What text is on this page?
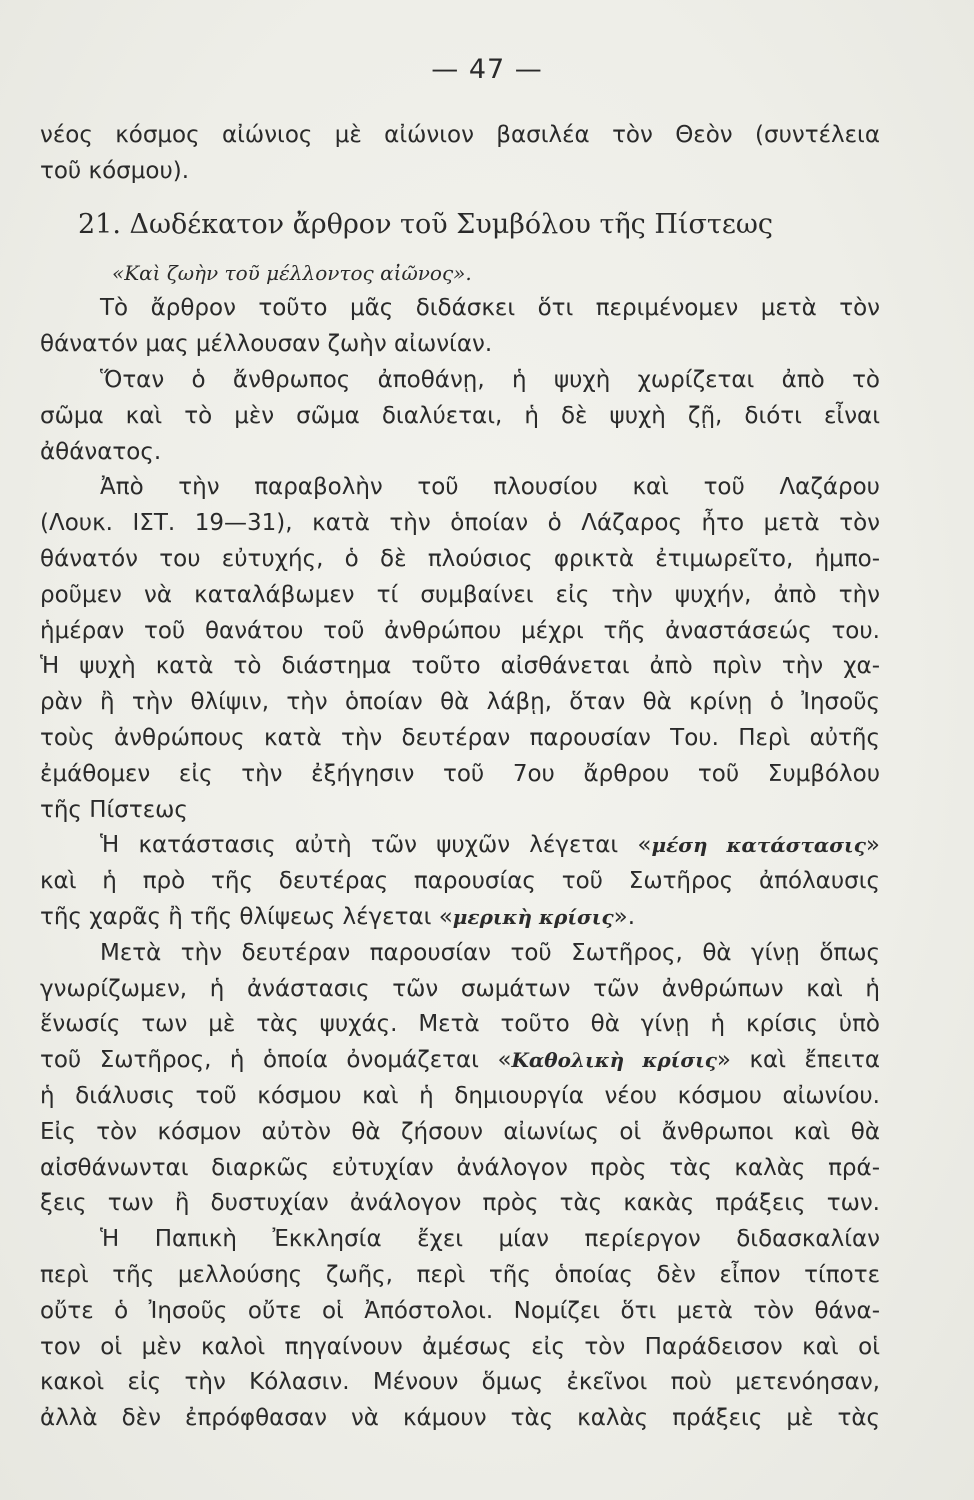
— 47 —
νέος κόσμος αἰώνιος μὲ αἰώνιον βασιλέα τὸν Θεὸν (συντέλεια
τοῦ κόσμου).
21. Δωδέκατον ἄρθρον τοῦ Συμβόλου τῆς Πίστεως
«Καὶ ζωὴν τοῦ μέλλοντος αἰῶνος».
Τὸ ἄρθρον τοῦτο μᾶς διδάσκει ὅτι περιμένομεν μετὰ τὸν
θάνατόν μας μέλλουσαν ζωὴν αἰωνίαν.
Ὅταν ὁ ἄνθρωπος ἀποθάνῃ, ἡ ψυχὴ χωρίζεται ἀπὸ τὸ
σῶμα καὶ τὸ μὲν σῶμα διαλύεται, ἡ δὲ ψυχὴ ζῇ, διότι εἶναι
ἀθάνατος.
Ἀπὸ τὴν παραβολὴν τοῦ πλουσίου καὶ τοῦ Λαζάρου
(Λουκ. ΙΣΤ. 19—31), κατὰ τὴν ὁποίαν ὁ Λάζαρος ἦτο μετὰ τὸν
θάνατόν του εὐτυχής, ὁ δὲ πλούσιος φρικτὰ ἐτιμωρεῖτο, ἠμπο-
ροῦμεν νὰ καταλάβωμεν τί συμβαίνει εἰς τὴν ψυχήν, ἀπὸ τὴν
ἡμέραν τοῦ θανάτου τοῦ ἀνθρώπου μέχρι τῆς ἀναστάσεώς του.
Ἡ ψυχὴ κατὰ τὸ διάστημα τοῦτο αἰσθάνεται ἀπὸ πρὶν τὴν χα-
ρὰν ἢ τὴν θλίψιν, τὴν ὁποίαν θὰ λάβῃ, ὅταν θὰ κρίνῃ ὁ Ἰησοῦς
τοὺς ἀνθρώπους κατὰ τὴν δευτέραν παρουσίαν Του. Περὶ αὐτῆς
ἐμάθομεν εἰς τὴν ἐξήγησιν τοῦ 7ου ἄρθρου τοῦ Συμβόλου
τῆς Πίστεως
Ἡ κατάστασις αὐτὴ τῶν ψυχῶν λέγεται «μέση κατάστασις»
καὶ ἡ πρὸ τῆς δευτέρας παρουσίας τοῦ Σωτῆρος ἀπόλαυσις
τῆς χαρᾶς ἢ τῆς θλίψεως λέγεται «μερικὴ κρίσις».
Μετὰ τὴν δευτέραν παρουσίαν τοῦ Σωτῆρος, θὰ γίνῃ ὅπως
γνωρίζωμεν, ἡ ἀνάστασις τῶν σωμάτων τῶν ἀνθρώπων καὶ ἡ
ἕνωσίς των μὲ τὰς ψυχάς. Μετὰ τοῦτο θὰ γίνῃ ἡ κρίσις ὑπὸ
τοῦ Σωτῆρος, ἡ ὁποία ὀνομάζεται «Καθολικὴ κρίσις» καὶ ἔπειτα
ἡ διάλυσις τοῦ κόσμου καὶ ἡ δημιουργία νέου κόσμου αἰωνίου.
Εἰς τὸν κόσμον αὐτὸν θὰ ζήσουν αἰωνίως οἱ ἄνθρωποι καὶ θὰ
αἰσθάνωνται διαρκῶς εὐτυχίαν ἀνάλογον πρὸς τὰς καλὰς πρά-
ξεις των ἢ δυστυχίαν ἀνάλογον πρὸς τὰς κακὰς πράξεις των.
Ἡ Παπικὴ Ἐκκλησία ἔχει μίαν περίεργον διδασκαλίαν
περὶ τῆς μελλούσης ζωῆς, περὶ τῆς ὁποίας δὲν εἶπον τίποτε
οὔτε ὁ Ἰησοῦς οὔτε οἱ Ἀπόστολοι. Νομίζει ὅτι μετὰ τὸν θάνα-
τον οἱ μὲν καλοὶ πηγαίνουν ἀμέσως εἰς τὸν Παράδεισον καὶ οἱ
κακοὶ εἰς τὴν Κόλασιν. Μένουν ὅμως ἐκεῖνοι ποὺ μετενόησαν,
ἀλλὰ δὲν ἐπρόφθασαν νὰ κάμουν τὰς καλὰς πράξεις μὲ τὰς
